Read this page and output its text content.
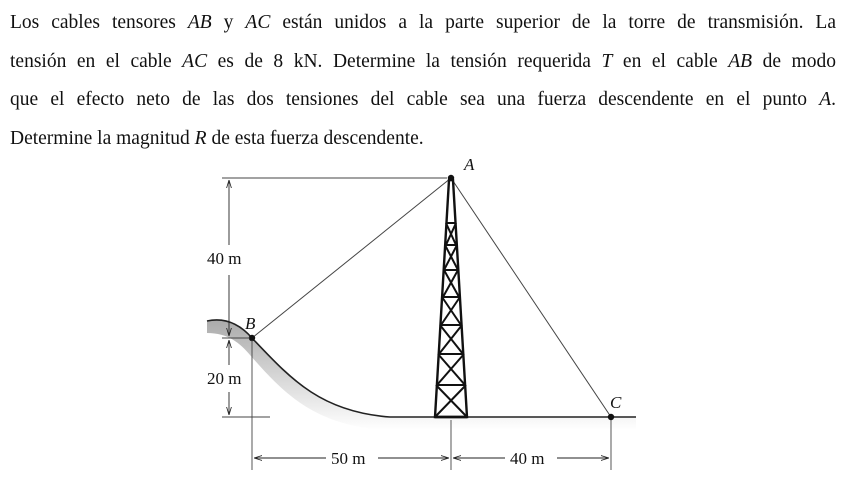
Los cables tensores AB y AC están unidos a la parte superior de la torre de transmisión. La
tensión en el cable AC es de 8 kN. Determine la tensión requerida T en el cable AB de modo
que el efecto neto de las dos tensiones del cable sea una fuerza descendente en el punto A.
Determine la magnitud R de esta fuerza descendente.
40 m
20 m
50 m	40 m
A
B
C
